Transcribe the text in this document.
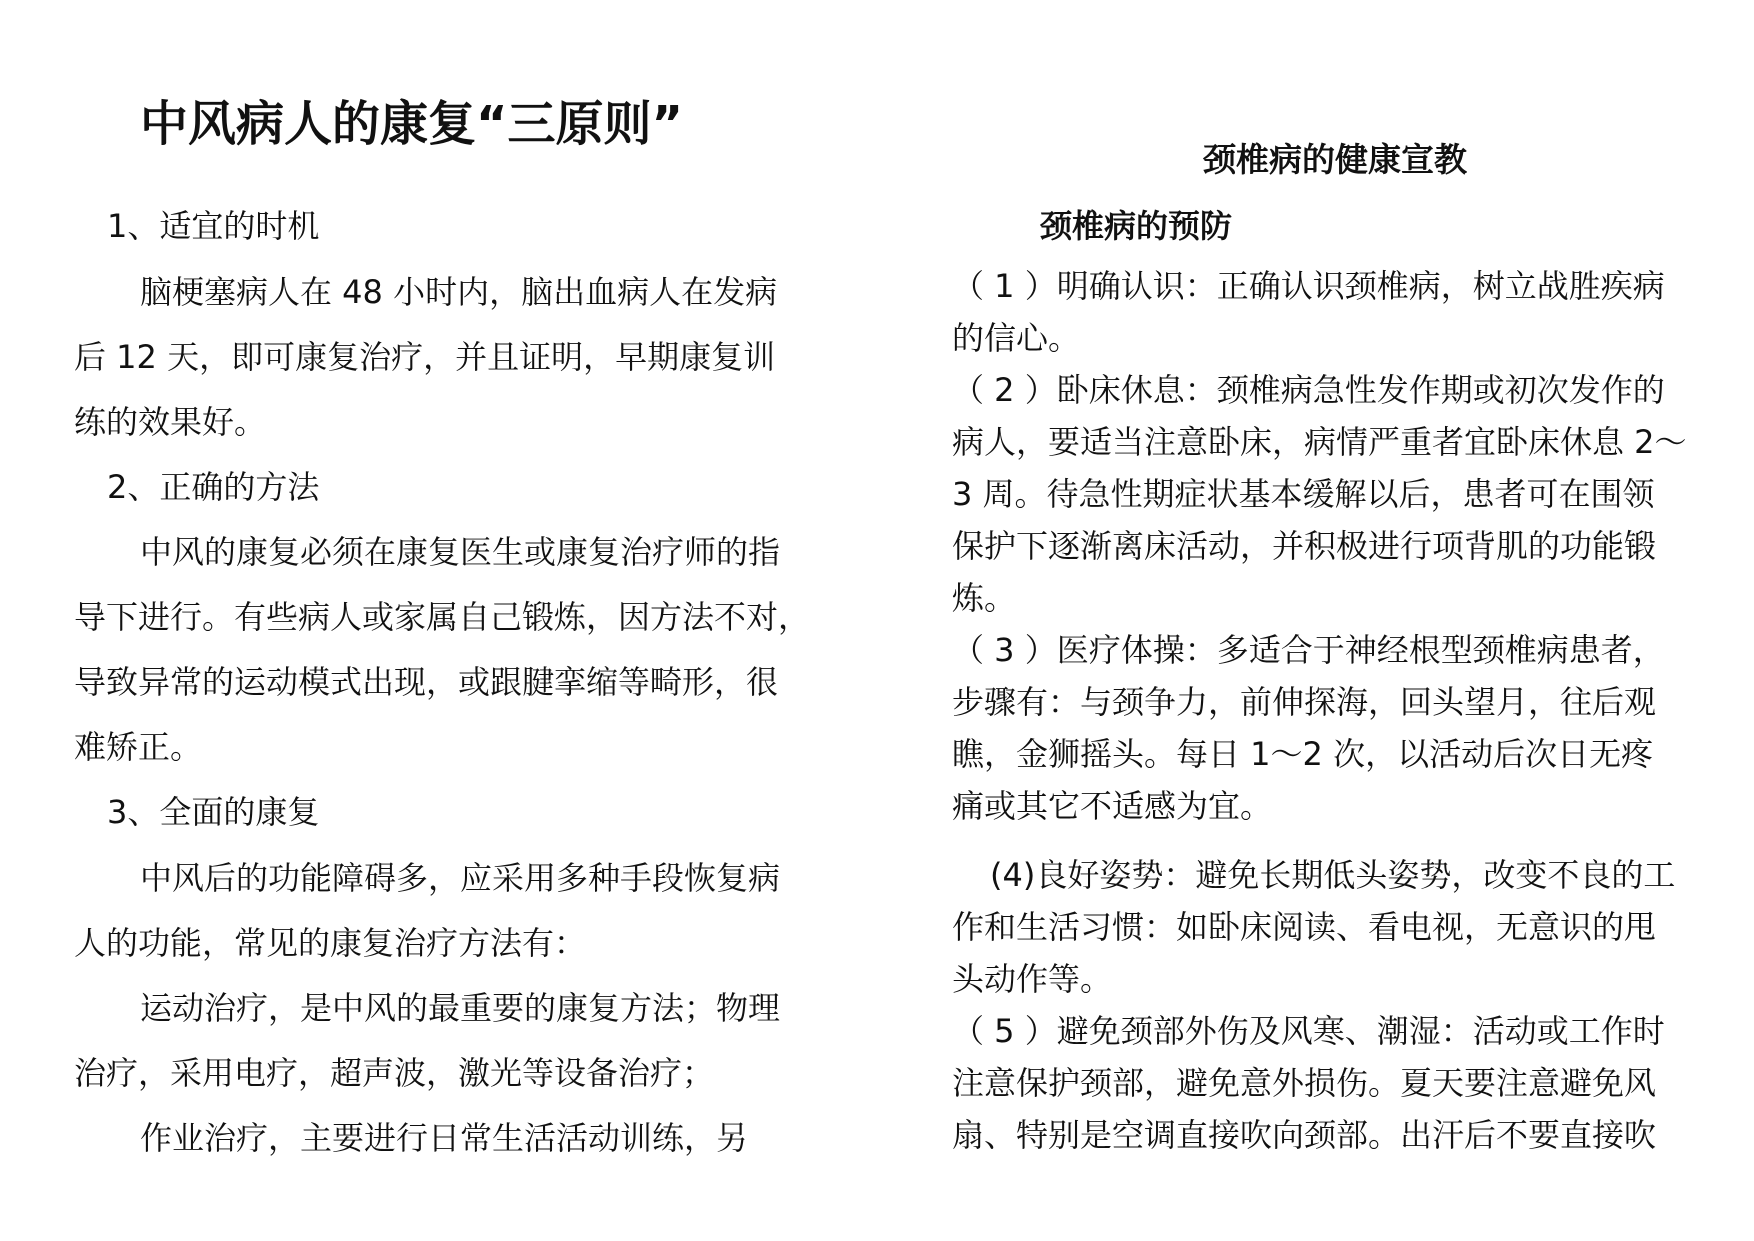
中风病人的康复“三原则”
1、适宜的时机
脑梗塞病人在 48 小时内，脑出血病人在发病
后 12 天，即可康复治疗，并且证明，早期康复训
练的效果好。
2、正确的方法
中风的康复必须在康复医生或康复治疗师的指
导下进行。有些病人或家属自己锻炼，因方法不对，
导致异常的运动模式出现，或跟腱挛缩等畸形，很
难矫正。
3、全面的康复
中风后的功能障碍多，应采用多种手段恢复病
人的功能，常见的康复治疗方法有：
运动治疗，是中风的最重要的康复方法；物理
治疗，采用电疗，超声波，激光等设备治疗；
作业治疗，主要进行日常生活活动训练，另
颈椎病的健康宣教
颈椎病的预防
（ 1 ）明确认识：正确认识颈椎病，树立战胜疾病
的信心。
（ 2 ）卧床休息：颈椎病急性发作期或初次发作的
病人，要适当注意卧床，病情严重者宜卧床休息 2～
3 周。待急性期症状基本缓解以后，患者可在围领
保护下逐渐离床活动，并积极进行项背肌的功能锻
炼。
（ 3 ）医疗体操：多适合于神经根型颈椎病患者，
步骤有：与颈争力，前伸探海，回头望月，往后观
瞧，金狮摇头。每日 1～2 次，以活动后次日无疼
痛或其它不适感为宜。
(4)良好姿势：避免长期低头姿势，改变不良的工
作和生活习惯：如卧床阅读、看电视，无意识的甩
头动作等。
（ 5 ）避免颈部外伤及风寒、潮湿：活动或工作时
注意保护颈部，避免意外损伤。夏天要注意避免风
扇、特别是空调直接吹向颈部。出汗后不要直接吹
